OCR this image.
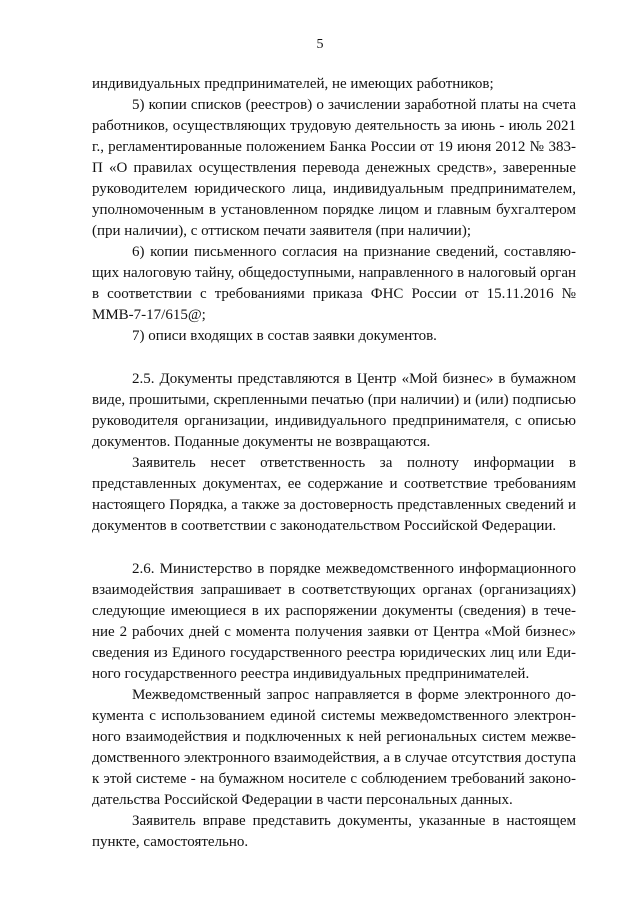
5

индивидуальных предпринимателей, не имеющих работников;

5) копии списков (реестров) о зачислении заработной платы на счета работников, осуществляющих трудовую деятельность за июнь - июль 2021 г., регламентированные положением Банка России от 19 июня 2012 № 383-П «О правилах осуществления перевода денежных средств», заверенные руководителем юридического лица, индивидуальным предпринимателем, уполномоченным в установленном порядке лицом и главным бухгалтером (при наличии), с оттиском печати заявителя (при наличии);

6) копии письменного согласия на признание сведений, составляющих налоговую тайну, общедоступными, направленного в налоговый орган в соответствии с требованиями приказа ФНС России от 15.11.2016 № ММВ-7-17/615@;

7) описи входящих в состав заявки документов.

2.5. Документы представляются в Центр «Мой бизнес» в бумажном виде, прошитыми, скрепленными печатью (при наличии) и (или) подписью руководителя организации, индивидуального предпринимателя, с описью документов. Поданные документы не возвращаются.

Заявитель несет ответственность за полноту информации в представленных документах, ее содержание и соответствие требованиям настоящего Порядка, а также за достоверность представленных сведений и документов в соответствии с законодательством Российской Федерации.

2.6. Министерство в порядке межведомственного информационного взаимодействия запрашивает в соответствующих органах (организациях) следующие имеющиеся в их распоряжении документы (сведения) в течение 2 рабочих дней с момента получения заявки от Центра «Мой бизнес» сведения из Единого государственного реестра юридических лиц или Единого государственного реестра индивидуальных предпринимателей.

Межведомственный запрос направляется в форме электронного документа с использованием единой системы межведомственного электронного взаимодействия и подключенных к ней региональных систем межведомственного электронного взаимодействия, а в случае отсутствия доступа к этой системе - на бумажном носителе с соблюдением требований законодательства Российской Федерации в части персональных данных.

Заявитель вправе представить документы, указанные в настоящем пункте, самостоятельно.
